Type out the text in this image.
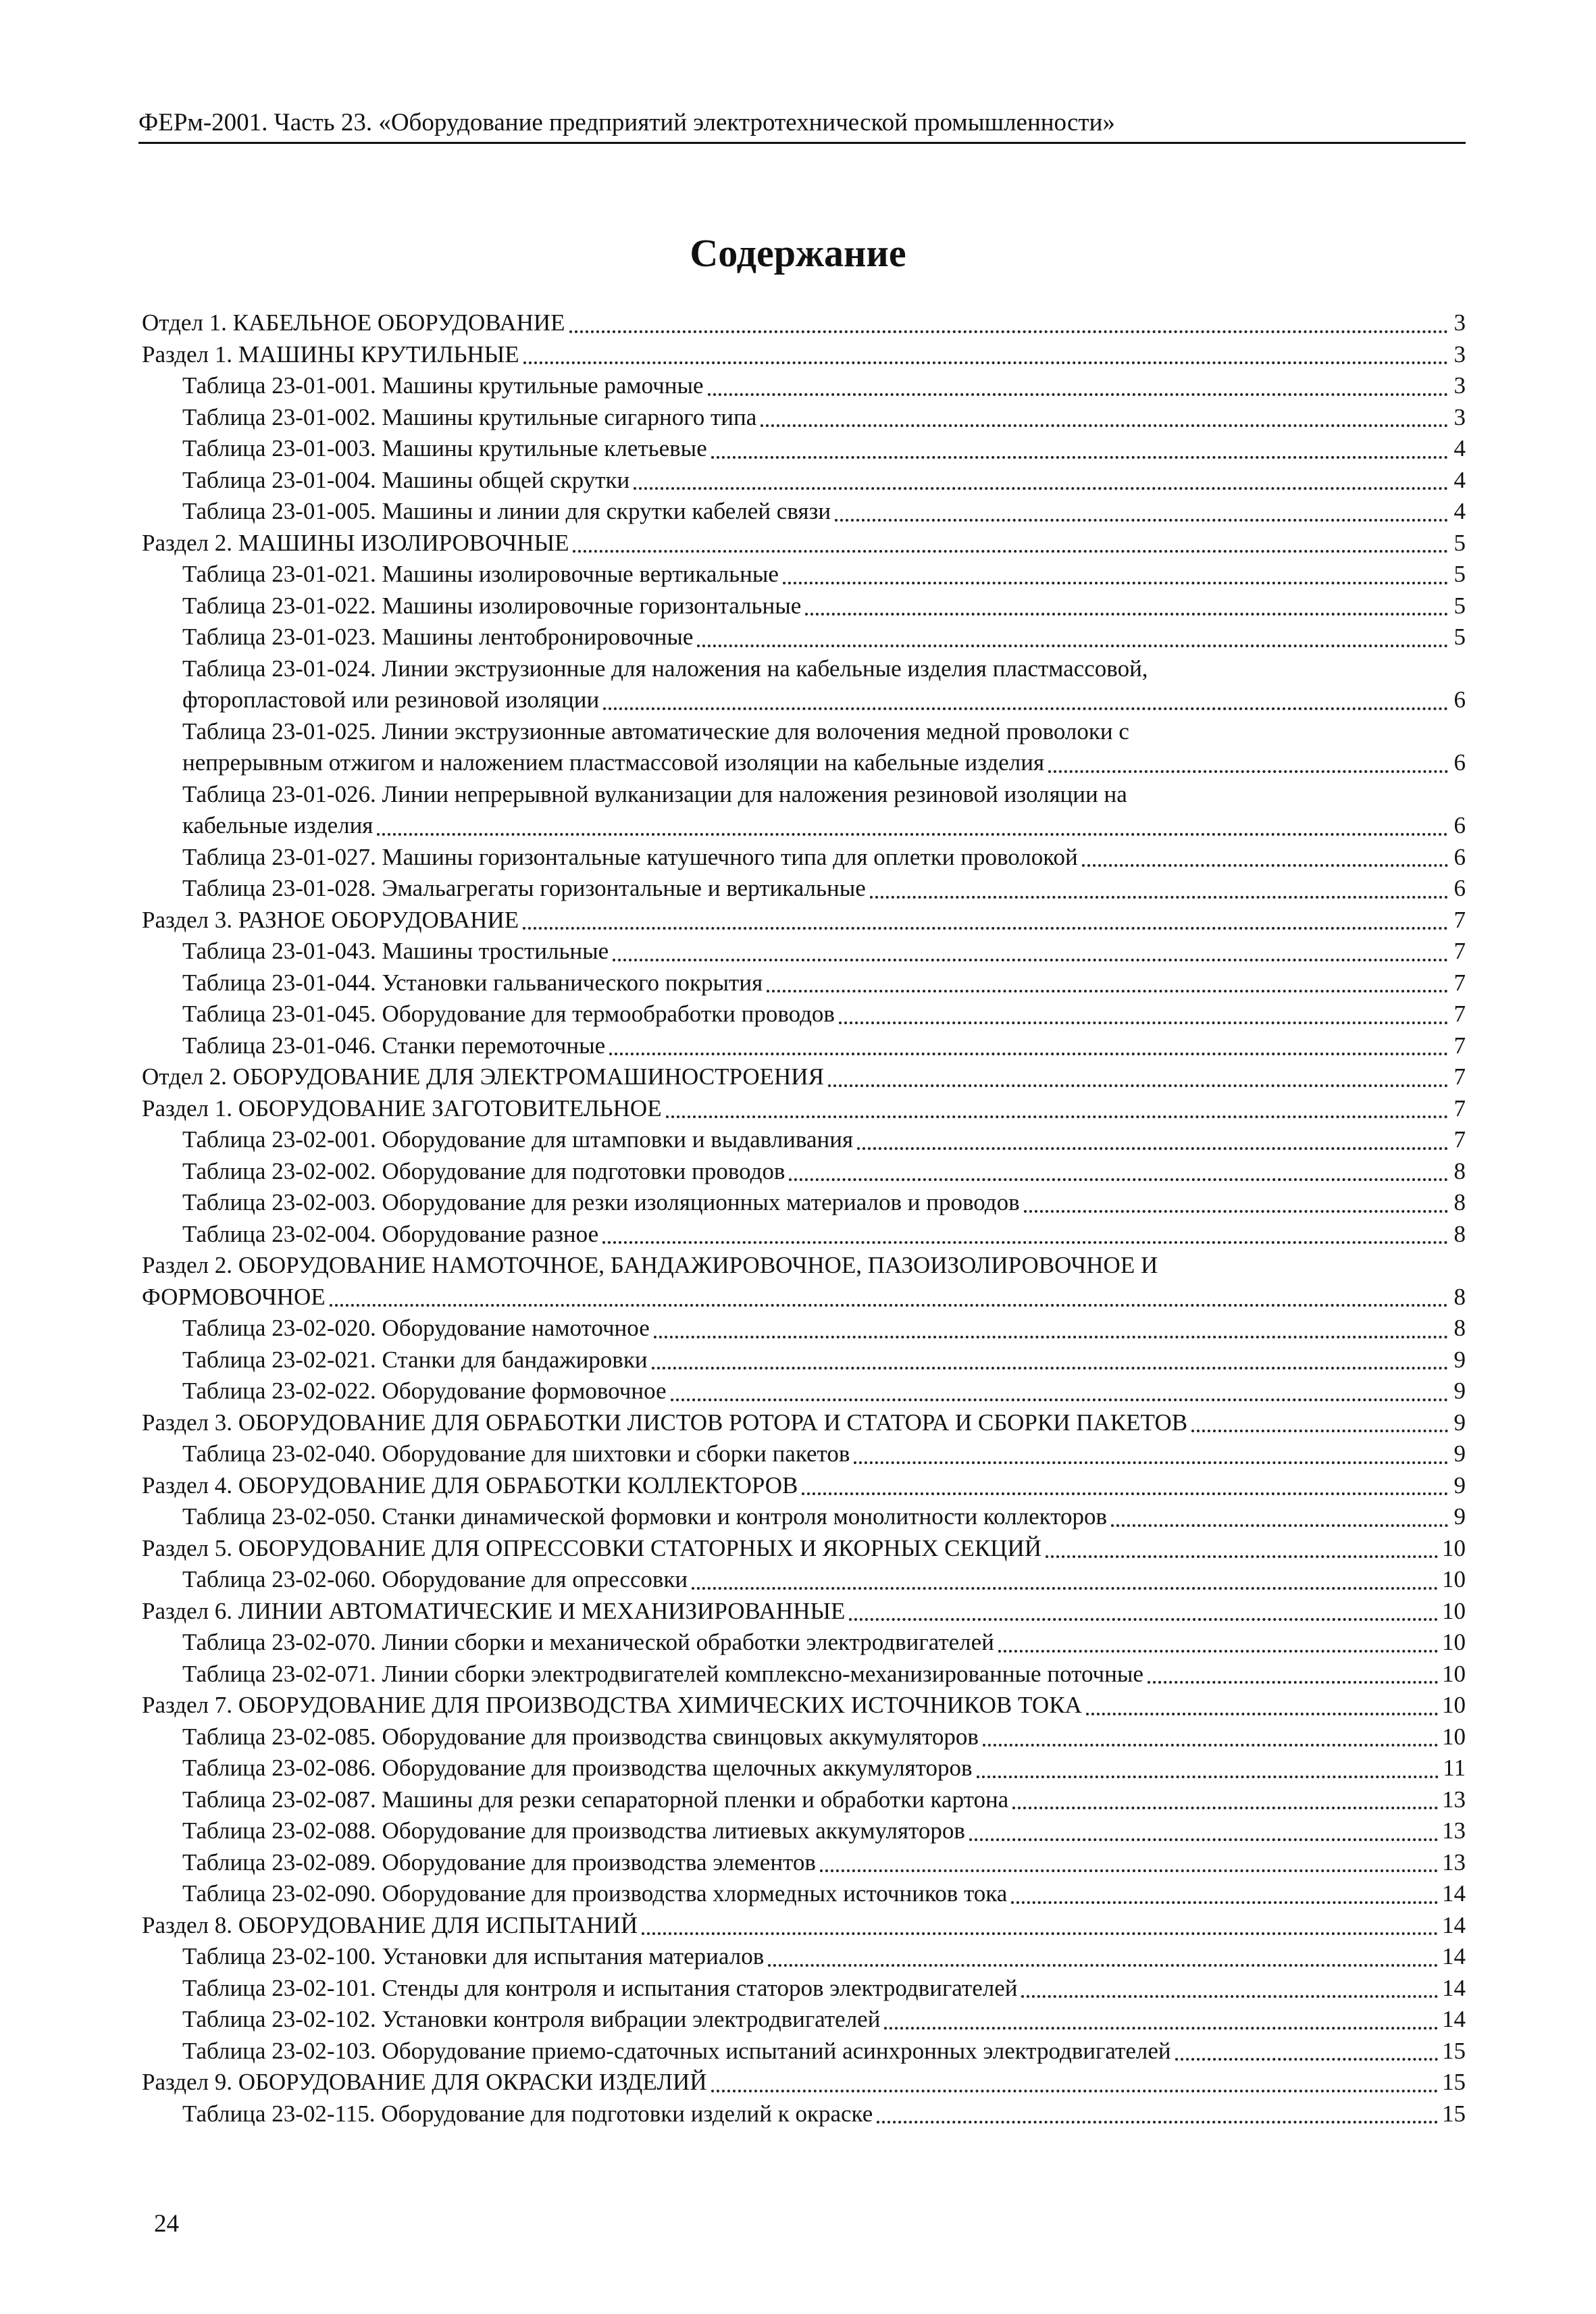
ФЕРм-2001. Часть 23. «Оборудование предприятий электротехнической промышленности»
Содержание
Отдел 1. КАБЕЛЬНОЕ ОБОРУДОВАНИЕ	3
Раздел 1. МАШИНЫ КРУТИЛЬНЫЕ	3
Таблица 23-01-001. Машины крутильные рамочные	3
Таблица 23-01-002. Машины крутильные сигарного типа	3
Таблица 23-01-003. Машины крутильные клетьевые	4
Таблица 23-01-004. Машины общей скрутки	4
Таблица 23-01-005. Машины и линии для скрутки кабелей связи	4
Раздел 2. МАШИНЫ ИЗОЛИРОВОЧНЫЕ	5
Таблица 23-01-021. Машины изолировочные вертикальные	5
Таблица 23-01-022. Машины изолировочные горизонтальные	5
Таблица 23-01-023. Машины лентобронировочные	5
Таблица 23-01-024. Линии экструзионные для наложения на кабельные изделия пластмассовой,
фторопластовой или резиновой изоляции	6
Таблица 23-01-025. Линии экструзионные автоматические для волочения медной проволоки с
непрерывным отжигом и наложением пластмассовой изоляции на кабельные изделия	6
Таблица 23-01-026. Линии непрерывной вулканизации для наложения резиновой изоляции на
кабельные изделия	6
Таблица 23-01-027. Машины горизонтальные катушечного типа для оплетки проволокой	6
Таблица 23-01-028. Эмальагрегаты горизонтальные и вертикальные	6
Раздел 3. РАЗНОЕ ОБОРУДОВАНИЕ	7
Таблица 23-01-043. Машины тростильные	7
Таблица 23-01-044. Установки гальванического покрытия	7
Таблица 23-01-045. Оборудование для термообработки проводов	7
Таблица 23-01-046. Станки перемоточные	7
Отдел 2. ОБОРУДОВАНИЕ ДЛЯ ЭЛЕКТРОМАШИНОСТРОЕНИЯ	7
Раздел 1. ОБОРУДОВАНИЕ ЗАГОТОВИТЕЛЬНОЕ	7
Таблица 23-02-001. Оборудование для штамповки и выдавливания	7
Таблица 23-02-002. Оборудование для подготовки проводов	8
Таблица 23-02-003. Оборудование для резки изоляционных материалов и проводов	8
Таблица 23-02-004. Оборудование разное	8
Раздел 2. ОБОРУДОВАНИЕ НАМОТОЧНОЕ, БАНДАЖИРОВОЧНОЕ, ПАЗОИЗОЛИРОВОЧНОЕ И
ФОРМОВОЧНОЕ	8
Таблица 23-02-020. Оборудование намоточное	8
Таблица 23-02-021. Станки для бандажировки	9
Таблица 23-02-022. Оборудование формовочное	9
Раздел 3. ОБОРУДОВАНИЕ ДЛЯ ОБРАБОТКИ ЛИСТОВ РОТОРА И СТАТОРА И СБОРКИ ПАКЕТОВ	9
Таблица 23-02-040. Оборудование для шихтовки и сборки пакетов	9
Раздел 4. ОБОРУДОВАНИЕ ДЛЯ ОБРАБОТКИ КОЛЛЕКТОРОВ	9
Таблица 23-02-050. Станки динамической формовки и контроля монолитности коллекторов	9
Раздел 5. ОБОРУДОВАНИЕ ДЛЯ ОПРЕССОВКИ СТАТОРНЫХ И ЯКОРНЫХ СЕКЦИЙ	10
Таблица 23-02-060. Оборудование для опрессовки	10
Раздел 6. ЛИНИИ АВТОМАТИЧЕСКИЕ И МЕХАНИЗИРОВАННЫЕ	10
Таблица 23-02-070. Линии сборки и механической обработки электродвигателей	10
Таблица 23-02-071. Линии сборки электродвигателей комплексно-механизированные поточные	10
Раздел 7. ОБОРУДОВАНИЕ ДЛЯ ПРОИЗВОДСТВА ХИМИЧЕСКИХ ИСТОЧНИКОВ ТОКА	10
Таблица 23-02-085. Оборудование для производства свинцовых аккумуляторов	10
Таблица 23-02-086. Оборудование для производства щелочных аккумуляторов	11
Таблица 23-02-087. Машины для резки сепараторной пленки и обработки картона	13
Таблица 23-02-088. Оборудование для производства литиевых аккумуляторов	13
Таблица 23-02-089. Оборудование для производства элементов	13
Таблица 23-02-090. Оборудование для производства хлормедных источников тока	14
Раздел 8. ОБОРУДОВАНИЕ ДЛЯ ИСПЫТАНИЙ	14
Таблица 23-02-100. Установки для испытания материалов	14
Таблица 23-02-101. Стенды для контроля и испытания статоров электродвигателей	14
Таблица 23-02-102. Установки контроля вибрации электродвигателей	14
Таблица 23-02-103. Оборудование приемо-сдаточных испытаний асинхронных электродвигателей	15
Раздел 9. ОБОРУДОВАНИЕ ДЛЯ ОКРАСКИ ИЗДЕЛИЙ	15
Таблица 23-02-115. Оборудование для подготовки изделий к окраске	15
24
